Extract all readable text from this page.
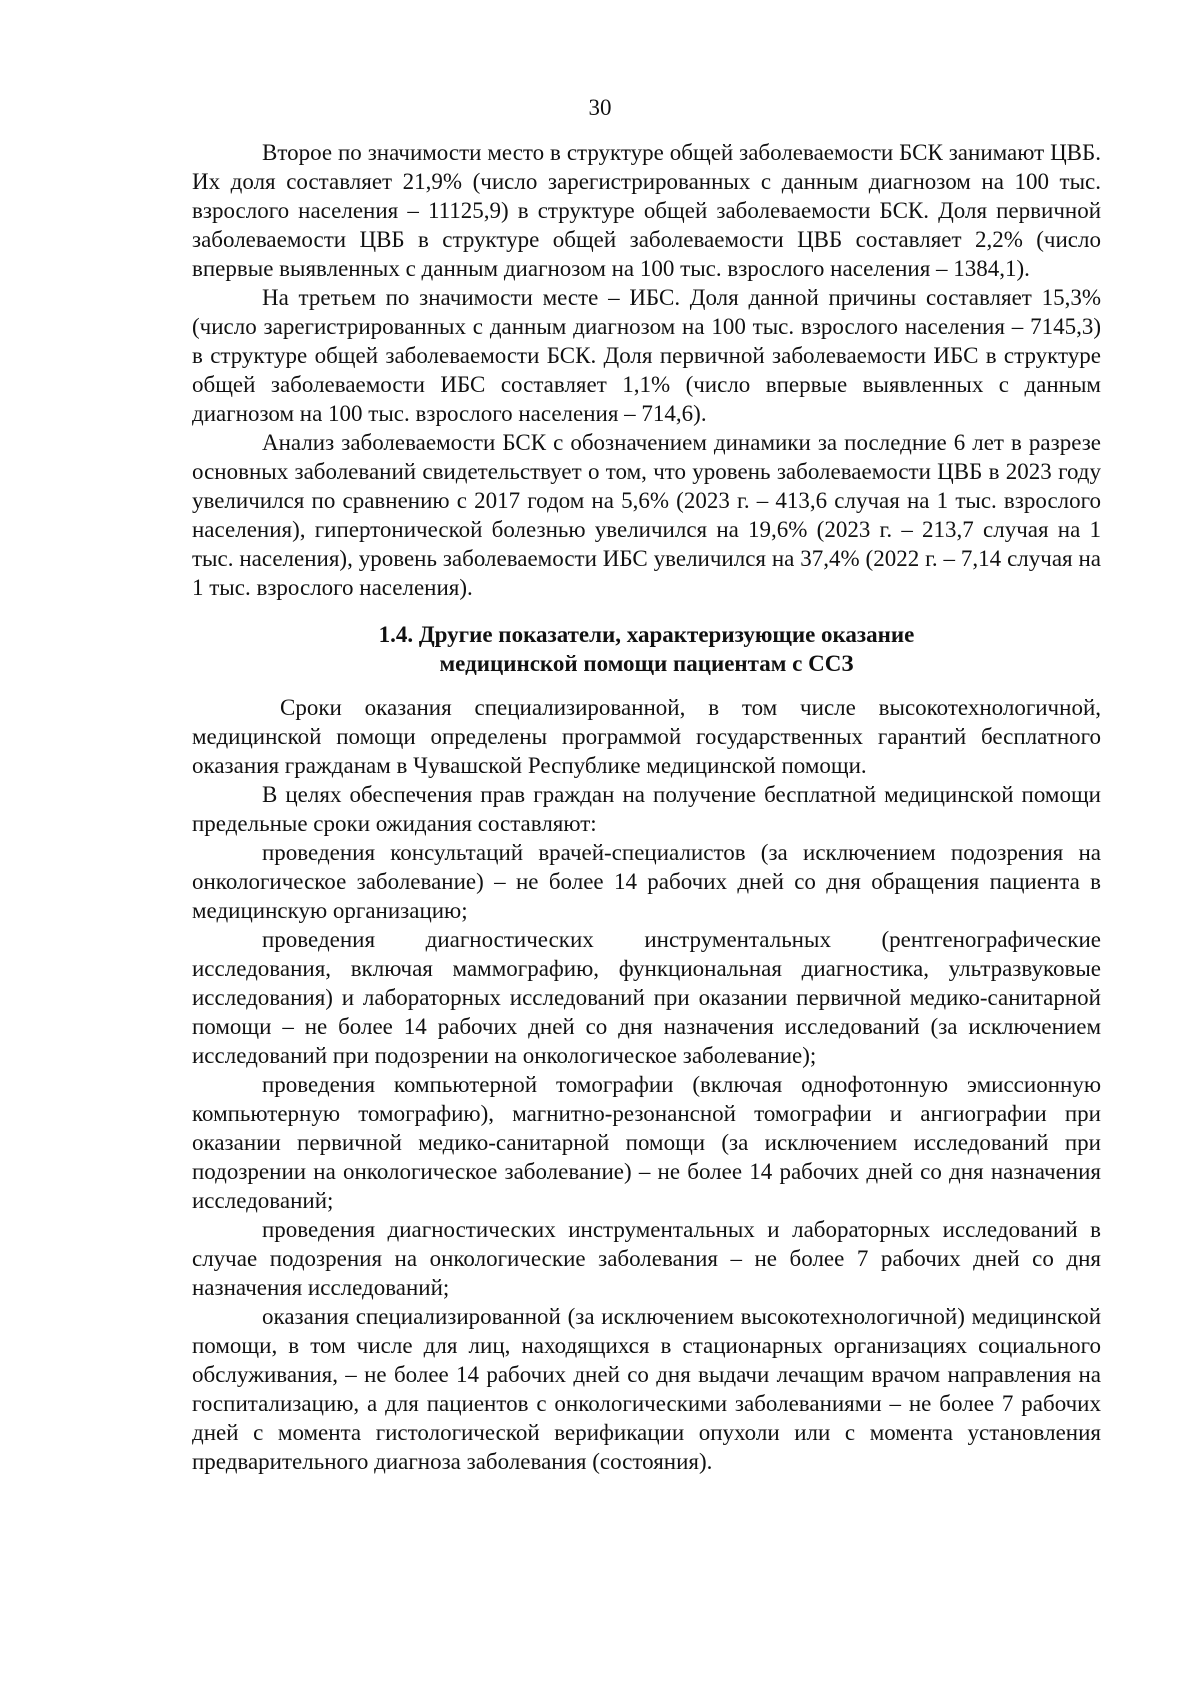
30

Второе по значимости место в структуре общей заболеваемости БСК занимают ЦВБ. Их доля составляет 21,9% (число зарегистрированных с данным диагнозом на 100 тыс. взрослого населения – 11125,9) в структуре общей заболеваемости БСК. Доля первичной заболеваемости ЦВБ в структуре общей заболеваемости ЦВБ составляет 2,2% (число впервые выявленных с данным диагнозом на 100 тыс. взрослого населения – 1384,1).

На третьем по значимости месте – ИБС. Доля данной причины составляет 15,3% (число зарегистрированных с данным диагнозом на 100 тыс. взрослого населения – 7145,3) в структуре общей заболеваемости БСК. Доля первичной заболеваемости ИБС в структуре общей заболеваемости ИБС составляет 1,1% (число впервые выявленных с данным диагнозом на 100 тыс. взрослого населения – 714,6).

Анализ заболеваемости БСК с обозначением динамики за последние 6 лет в разрезе основных заболеваний свидетельствует о том, что уровень заболеваемости ЦВБ в 2023 году увеличился по сравнению с 2017 годом на 5,6% (2023 г. – 413,6 случая на 1 тыс. взрослого населения), гипертонической болезнью увеличился на 19,6% (2023 г. – 213,7 случая на 1 тыс. населения), уровень заболеваемости ИБС увеличился на 37,4% (2022 г. – 7,14 случая на 1 тыс. взрослого населения).

1.4. Другие показатели, характеризующие оказание
медицинской помощи пациентам с ССЗ

Сроки оказания специализированной, в том числе высокотехнологичной, медицинской помощи определены программой государственных гарантий бесплатного оказания гражданам в Чувашской Республике медицинской помощи.

В целях обеспечения прав граждан на получение бесплатной медицинской помощи предельные сроки ожидания составляют:

проведения консультаций врачей-специалистов (за исключением подозрения на онкологическое заболевание) – не более 14 рабочих дней со дня обращения пациента в медицинскую организацию;

проведения диагностических инструментальных (рентгенографические исследования, включая маммографию, функциональная диагностика, ультразвуковые исследования) и лабораторных исследований при оказании первичной медико-санитарной помощи – не более 14 рабочих дней со дня назначения исследований (за исключением исследований при подозрении на онкологическое заболевание);

проведения компьютерной томографии (включая однофотонную эмиссионную компьютерную томографию), магнитно-резонансной томографии и ангиографии при оказании первичной медико-санитарной помощи (за исключением исследований при подозрении на онкологическое заболевание) – не более 14 рабочих дней со дня назначения исследований;

проведения диагностических инструментальных и лабораторных исследований в случае подозрения на онкологические заболевания – не более 7 рабочих дней со дня назначения исследований;

оказания специализированной (за исключением высокотехнологичной) медицинской помощи, в том числе для лиц, находящихся в стационарных организациях социального обслуживания, – не более 14 рабочих дней со дня выдачи лечащим врачом направления на госпитализацию, а для пациентов с онкологическими заболеваниями – не более 7 рабочих дней с момента гистологической верификации опухоли или с момента установления предварительного диагноза заболевания (состояния).
